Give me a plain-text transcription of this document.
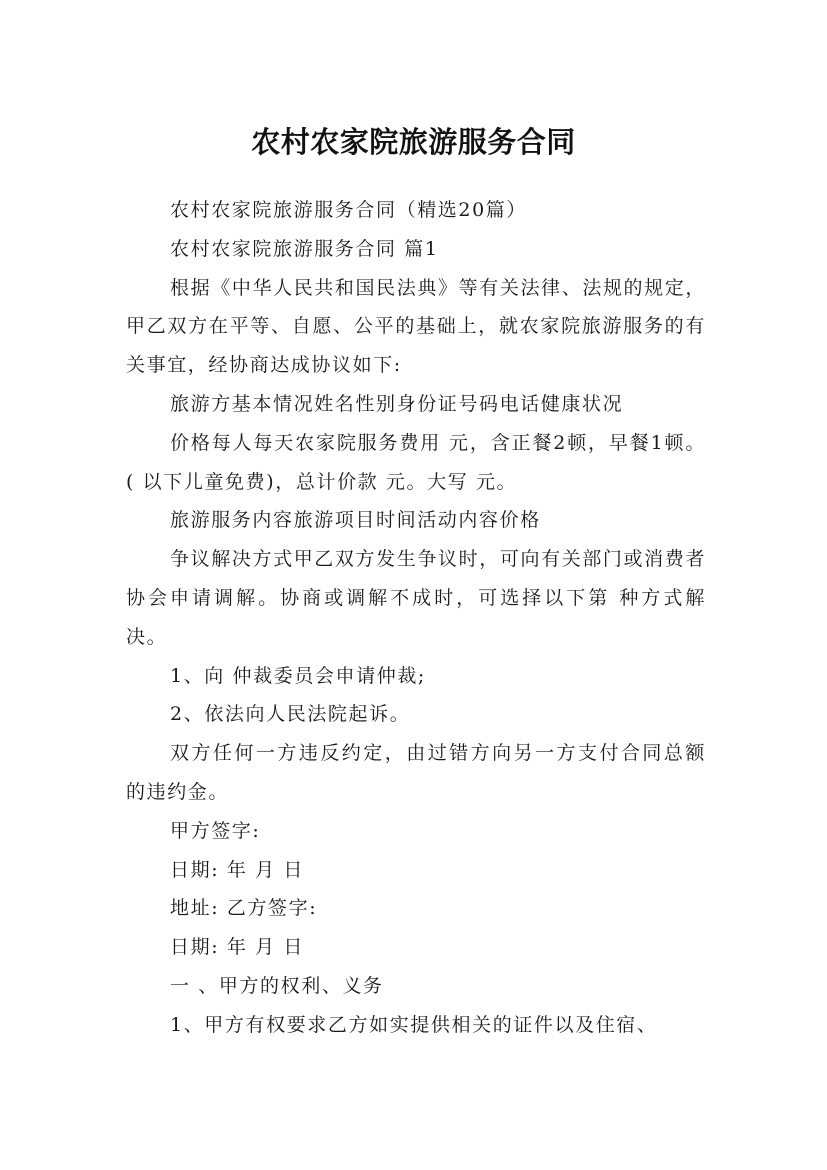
农村农家院旅游服务合同

农村农家院旅游服务合同（精选20篇）

农村农家院旅游服务合同 篇1

根据《中华人民共和国民法典》等有关法律、法规的规定，甲乙双方在平等、自愿、公平的基础上，就农家院旅游服务的有关事宜，经协商达成协议如下:

旅游方基本情况姓名性别身份证号码电话健康状况

价格每人每天农家院服务费用 元，含正餐2顿，早餐1顿。( 以下儿童免费)，总计价款 元。大写 元。

旅游服务内容旅游项目时间活动内容价格

争议解决方式甲乙双方发生争议时，可向有关部门或消费者协会申请调解。协商或调解不成时，可选择以下第 种方式解决。

1、向 仲裁委员会申请仲裁;

2、依法向人民法院起诉。

双方任何一方违反约定，由过错方向另一方支付合同总额 的违约金。

甲方签字:

日期: 年 月 日

地址: 乙方签字:

日期: 年 月 日

一 、甲方的权利、义务

1、甲方有权要求乙方如实提供相关的证件以及住宿、
